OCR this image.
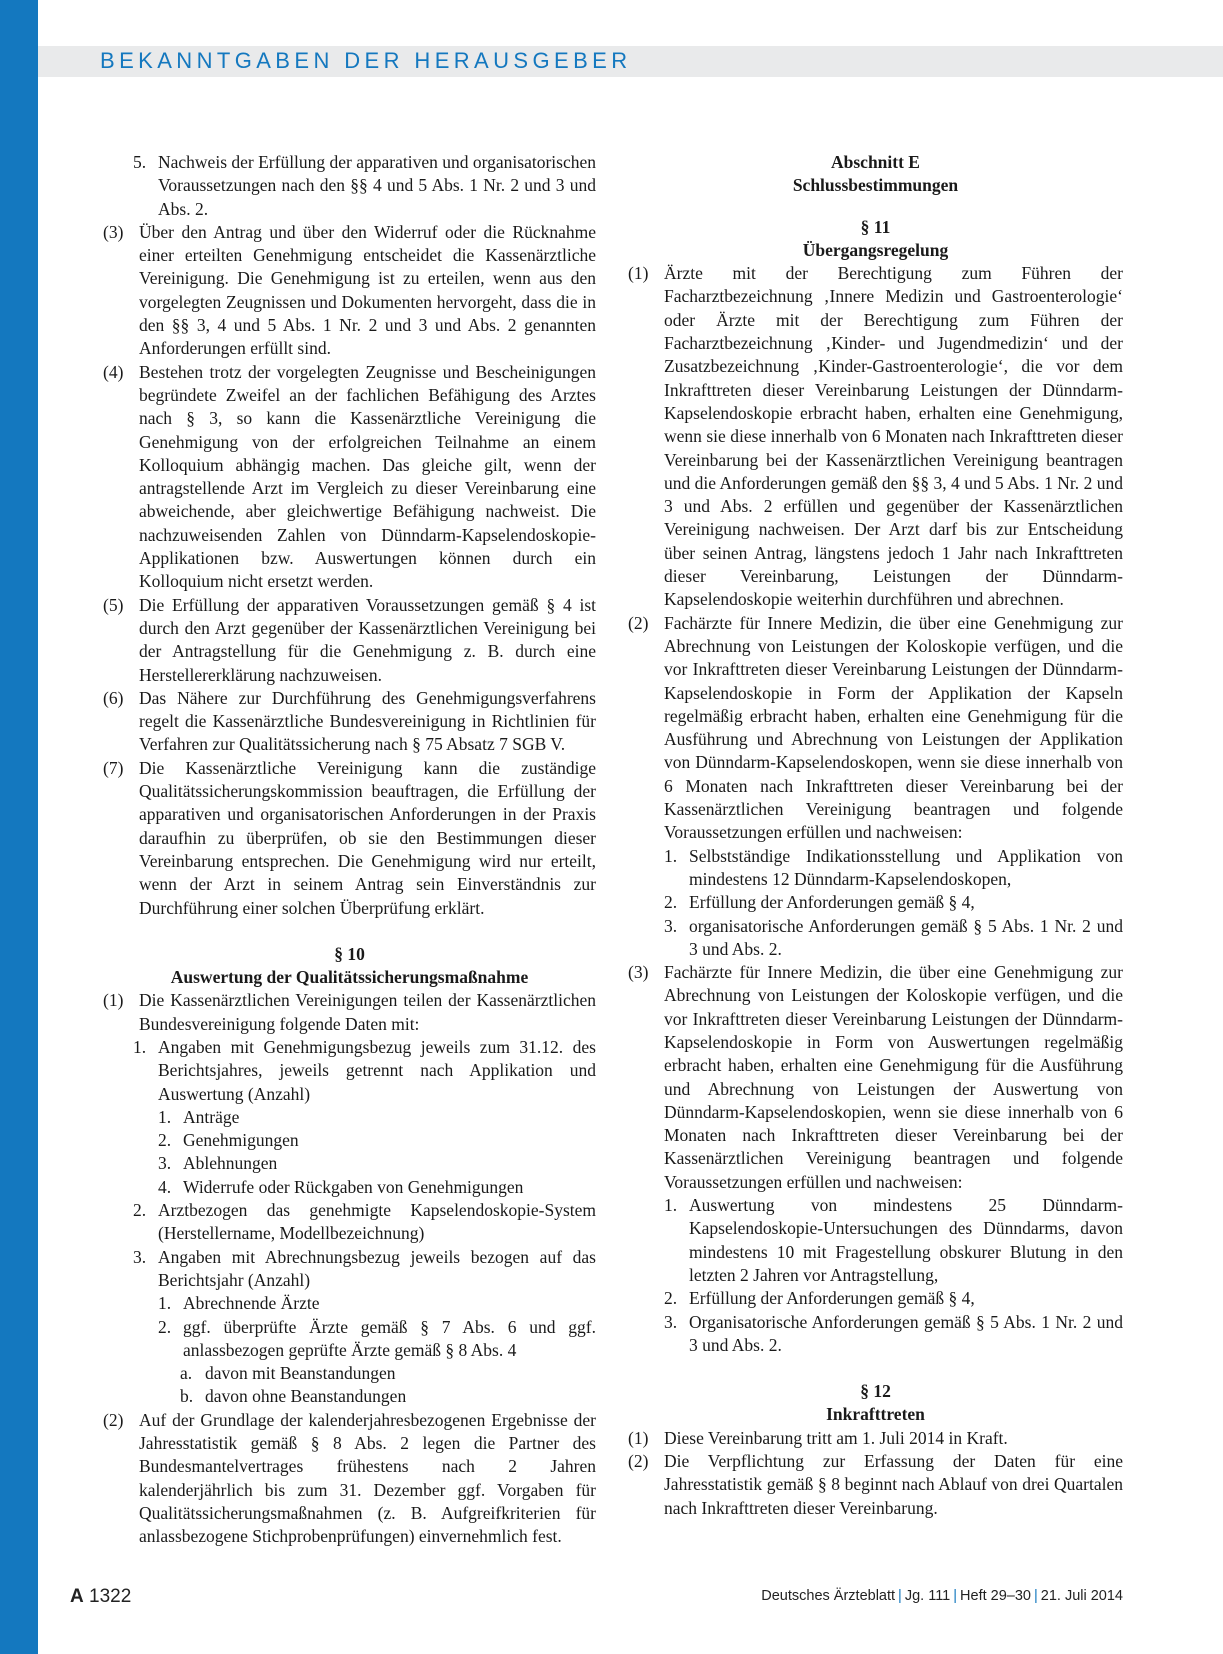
BEKANNTGABEN DER HERAUSGEBER
5. Nachweis der Erfüllung der apparativen und organisatorischen Voraussetzungen nach den §§ 4 und 5 Abs. 1 Nr. 2 und 3 und Abs. 2.
(3) Über den Antrag und über den Widerruf oder die Rücknahme einer erteilten Genehmigung entscheidet die Kassenärztliche Vereinigung. Die Genehmigung ist zu erteilen, wenn aus den vorgelegten Zeugnissen und Dokumenten hervorgeht, dass die in den §§ 3, 4 und 5 Abs. 1 Nr. 2 und 3 und Abs. 2 genannten Anforderungen erfüllt sind.
(4) Bestehen trotz der vorgelegten Zeugnisse und Bescheinigungen begründete Zweifel an der fachlichen Befähigung des Arztes nach § 3, so kann die Kassenärztliche Vereinigung die Genehmigung von der erfolgreichen Teilnahme an einem Kolloquium abhängig machen. Das gleiche gilt, wenn der antragstellende Arzt im Vergleich zu dieser Vereinbarung eine abweichende, aber gleichwertige Befähigung nachweist. Die nachzuweisenden Zahlen von Dünndarm-Kapselendoskopie-Applikationen bzw. Auswertungen können durch ein Kolloquium nicht ersetzt werden.
(5) Die Erfüllung der apparativen Voraussetzungen gemäß § 4 ist durch den Arzt gegenüber der Kassenärztlichen Vereinigung bei der Antragstellung für die Genehmigung z. B. durch eine Herstellererklärung nachzuweisen.
(6) Das Nähere zur Durchführung des Genehmigungsverfahrens regelt die Kassenärztliche Bundesvereinigung in Richtlinien für Verfahren zur Qualitätssicherung nach § 75 Absatz 7 SGB V.
(7) Die Kassenärztliche Vereinigung kann die zuständige Qualitätssicherungskommission beauftragen, die Erfüllung der apparativen und organisatorischen Anforderungen in der Praxis daraufhin zu überprüfen, ob sie den Bestimmungen dieser Vereinbarung entsprechen. Die Genehmigung wird nur erteilt, wenn der Arzt in seinem Antrag sein Einverständnis zur Durchführung einer solchen Überprüfung erklärt.
§ 10
Auswertung der Qualitätssicherungsmaßnahme
(1) Die Kassenärztlichen Vereinigungen teilen der Kassenärztlichen Bundesvereinigung folgende Daten mit:
1. Angaben mit Genehmigungsbezug jeweils zum 31.12. des Berichtsjahres, jeweils getrennt nach Applikation und Auswertung (Anzahl)
1. Anträge
2. Genehmigungen
3. Ablehnungen
4. Widerrufe oder Rückgaben von Genehmigungen
2. Arztbezogen das genehmigte Kapselendoskopie-System (Herstellername, Modellbezeichnung)
3. Angaben mit Abrechnungsbezug jeweils bezogen auf das Berichtsjahr (Anzahl)
1. Abrechnende Ärzte
2. ggf. überprüfte Ärzte gemäß § 7 Abs. 6 und ggf. anlassbezogen geprüfte Ärzte gemäß § 8 Abs. 4
a. davon mit Beanstandungen
b. davon ohne Beanstandungen
(2) Auf der Grundlage der kalenderjahresbezogenen Ergebnisse der Jahresstatistik gemäß § 8 Abs. 2 legen die Partner des Bundesmantelvertrages frühestens nach 2 Jahren kalenderjährlich bis zum 31. Dezember ggf. Vorgaben für Qualitätssicherungsmaßnahmen (z. B. Aufgreifkriterien für anlassbezogene Stichprobenprüfungen) einvernehmlich fest.
Abschnitt E
Schlussbestimmungen
§ 11
Übergangsregelung
(1) Ärzte mit der Berechtigung zum Führen der Facharztbezeichnung ‚Innere Medizin und Gastroenterologie‘ oder Ärzte mit der Berechtigung zum Führen der Facharztbezeichnung ‚Kinder- und Jugendmedizin‘ und der Zusatzbezeichnung ‚Kinder-Gastroenterologie‘, die vor dem Inkrafttreten dieser Vereinbarung Leistungen der Dünndarm-Kapselendoskopie erbracht haben, erhalten eine Genehmigung, wenn sie diese innerhalb von 6 Monaten nach Inkrafttreten dieser Vereinbarung bei der Kassenärztlichen Vereinigung beantragen und die Anforderungen gemäß den §§ 3, 4 und 5 Abs. 1 Nr. 2 und 3 und Abs. 2 erfüllen und gegenüber der Kassenärztlichen Vereinigung nachweisen. Der Arzt darf bis zur Entscheidung über seinen Antrag, längstens jedoch 1 Jahr nach Inkrafttreten dieser Vereinbarung, Leistungen der Dünndarm-Kapselendoskopie weiterhin durchführen und abrechnen.
(2) Fachärzte für Innere Medizin, die über eine Genehmigung zur Abrechnung von Leistungen der Koloskopie verfügen, und die vor Inkrafttreten dieser Vereinbarung Leistungen der Dünndarm-Kapselendoskopie in Form der Applikation der Kapseln regelmäßig erbracht haben, erhalten eine Genehmigung für die Ausführung und Abrechnung von Leistungen der Applikation von Dünndarm-Kapselendoskopen, wenn sie diese innerhalb von 6 Monaten nach Inkrafttreten dieser Vereinbarung bei der Kassenärztlichen Vereinigung beantragen und folgende Voraussetzungen erfüllen und nachweisen:
1. Selbstständige Indikationsstellung und Applikation von mindestens 12 Dünndarm-Kapselendoskopen,
2. Erfüllung der Anforderungen gemäß § 4,
3. organisatorische Anforderungen gemäß § 5 Abs. 1 Nr. 2 und 3 und Abs. 2.
(3) Fachärzte für Innere Medizin, die über eine Genehmigung zur Abrechnung von Leistungen der Koloskopie verfügen, und die vor Inkrafttreten dieser Vereinbarung Leistungen der Dünndarm-Kapselendoskopie in Form von Auswertungen regelmäßig erbracht haben, erhalten eine Genehmigung für die Ausführung und Abrechnung von Leistungen der Auswertung von Dünndarm-Kapselendoskopien, wenn sie diese innerhalb von 6 Monaten nach Inkrafttreten dieser Vereinbarung bei der Kassenärztlichen Vereinigung beantragen und folgende Voraussetzungen erfüllen und nachweisen:
1. Auswertung von mindestens 25 Dünndarm-Kapselendoskopie-Untersuchungen des Dünndarms, davon mindestens 10 mit Fragestellung obskurer Blutung in den letzten 2 Jahren vor Antragstellung,
2. Erfüllung der Anforderungen gemäß § 4,
3. Organisatorische Anforderungen gemäß § 5 Abs. 1 Nr. 2 und 3 und Abs. 2.
§ 12
Inkrafttreten
(1) Diese Vereinbarung tritt am 1. Juli 2014 in Kraft.
(2) Die Verpflichtung zur Erfassung der Daten für eine Jahresstatistik gemäß § 8 beginnt nach Ablauf von drei Quartalen nach Inkrafttreten dieser Vereinbarung.
A 1322	Deutsches Ärzteblatt | Jg. 111 | Heft 29–30 | 21. Juli 2014
